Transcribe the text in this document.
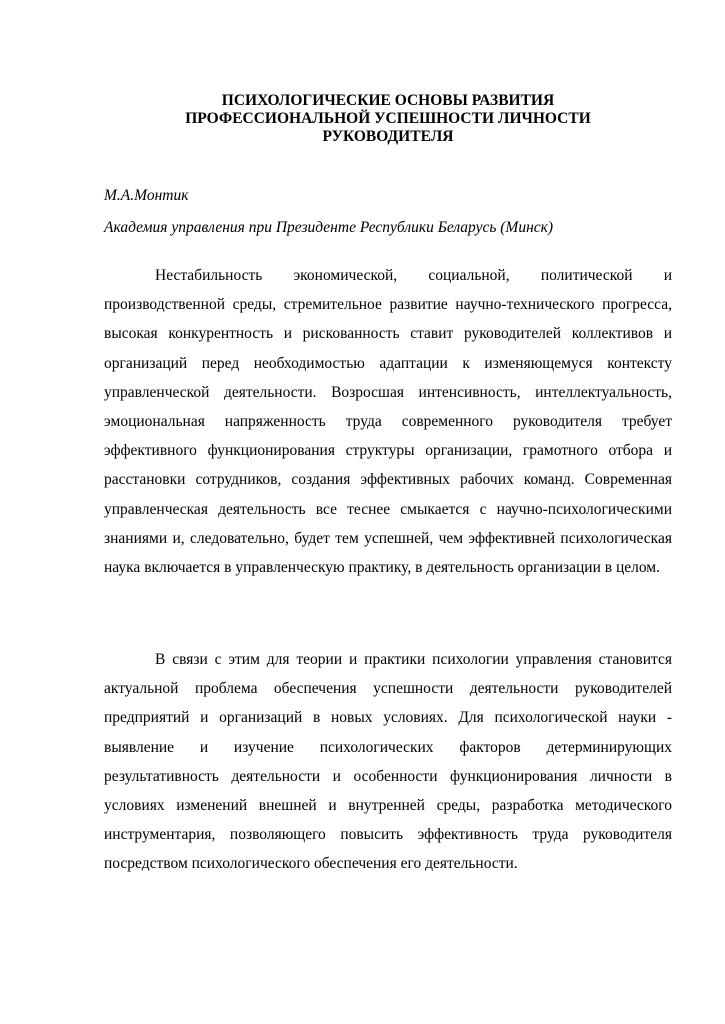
ПСИХОЛОГИЧЕСКИЕ ОСНОВЫ РАЗВИТИЯ
ПРОФЕССИОНАЛЬНОЙ УСПЕШНОСТИ ЛИЧНОСТИ
РУКОВОДИТЕЛЯ

М.А.Монтик

Академия управления при Президенте Республики Беларусь (Минск)

Нестабильность экономической, социальной, политической и производственной среды, стремительное развитие научно-технического прогресса, высокая конкурентность и рискованность ставит руководителей коллективов и организаций перед необходимостью адаптации к изменяющемуся контексту управленческой деятельности. Возросшая интенсивность, интеллектуальность, эмоциональная напряженность труда современного руководителя требует эффективного функционирования структуры организации, грамотного отбора и расстановки сотрудников, создания эффективных рабочих команд. Современная управленческая деятельность все теснее смыкается с научно-психологическими знаниями и, следовательно, будет тем успешней, чем эффективней психологическая наука включается в управленческую практику, в деятельность организации в целом.

В связи с этим для теории и практики психологии управления становится актуальной проблема обеспечения успешности деятельности руководителей предприятий и организаций в новых условиях. Для психологической науки - выявление и изучение психологических факторов детерминирующих результативность деятельности и особенности функционирования личности в условиях изменений внешней и внутренней среды, разработка методического инструментария, позволяющего повысить эффективность труда руководителя посредством психологического обеспечения его деятельности.
